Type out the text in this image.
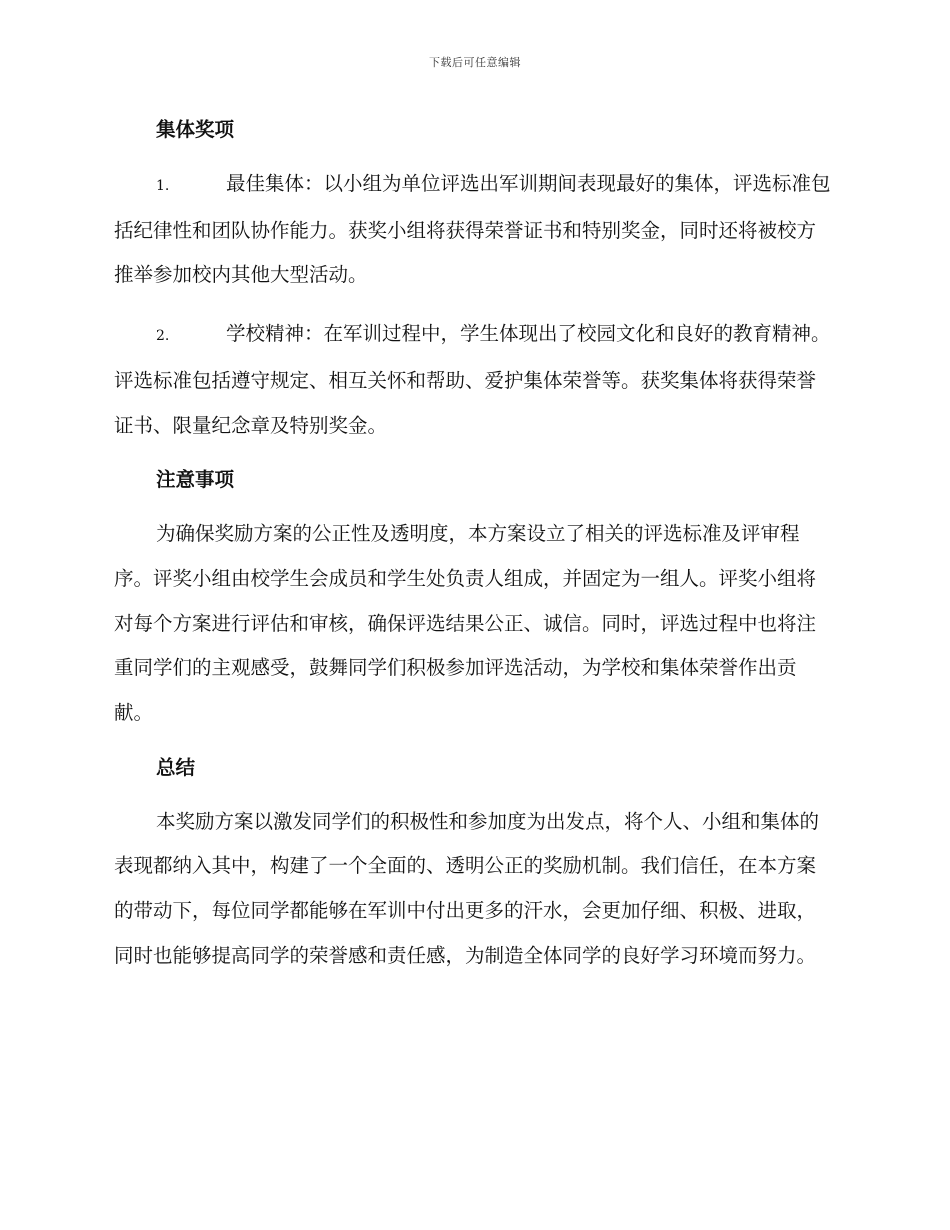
下载后可任意编辑
集体奖项

1.	最佳集体：以小组为单位评选出军训期间表现最好的集体，评选标准包括纪律性和团队协作能力。获奖小组将获得荣誉证书和特别奖金，同时还将被校方推举参加校内其他大型活动。

2.	学校精神：在军训过程中，学生体现出了校园文化和良好的教育精神。评选标准包括遵守规定、相互关怀和帮助、爱护集体荣誉等。获奖集体将获得荣誉证书、限量纪念章及特别奖金。

注意事项

为确保奖励方案的公正性及透明度，本方案设立了相关的评选标准及评审程序。评奖小组由校学生会成员和学生处负责人组成，并固定为一组人。评奖小组将对每个方案进行评估和审核，确保评选结果公正、诚信。同时，评选过程中也将注重同学们的主观感受，鼓舞同学们积极参加评选活动，为学校和集体荣誉作出贡献。

总结

本奖励方案以激发同学们的积极性和参加度为出发点，将个人、小组和集体的表现都纳入其中，构建了一个全面的、透明公正的奖励机制。我们信任，在本方案的带动下，每位同学都能够在军训中付出更多的汗水，会更加仔细、积极、进取，同时也能够提高同学的荣誉感和责任感，为制造全体同学的良好学习环境而努力。
